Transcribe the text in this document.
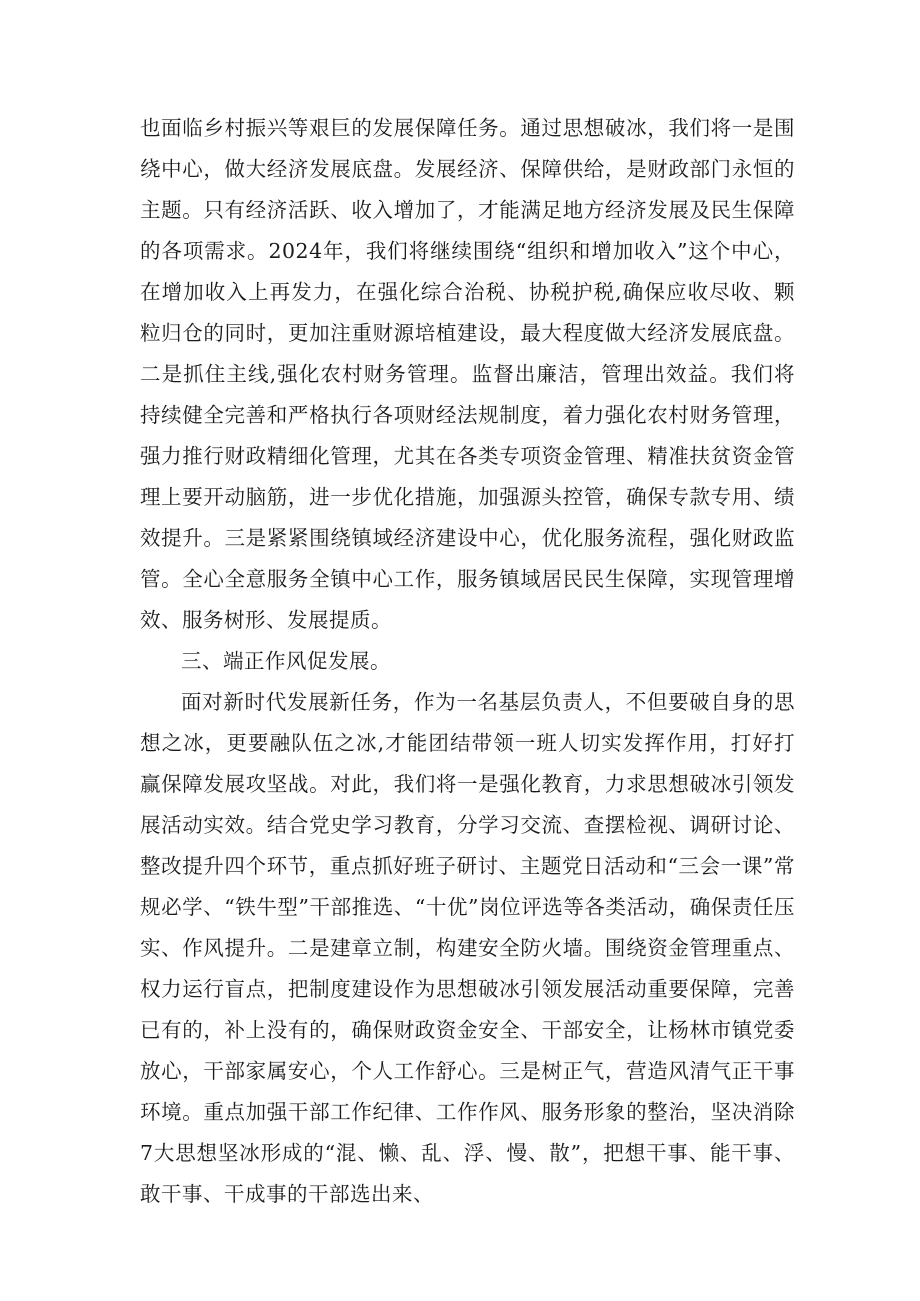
也面临乡村振兴等艰巨的发展保障任务。通过思想破冰，我们将一是围绕中心，做大经济发展底盘。发展经济、保障供给，是财政部门永恒的主题。只有经济活跃、收入增加了，才能满足地方经济发展及民生保障的各项需求。2024年，我们将继续围绕“组织和增加收入”这个中心，在增加收入上再发力，在强化综合治税、协税护税,确保应收尽收、颗粒归仓的同时，更加注重财源培植建设，最大程度做大经济发展底盘。二是抓住主线,强化农村财务管理。监督出廉洁，管理出效益。我们将持续健全完善和严格执行各项财经法规制度，着力强化农村财务管理，强力推行财政精细化管理，尤其在各类专项资金管理、精准扶贫资金管理上要开动脑筋，进一步优化措施，加强源头控管，确保专款专用、绩效提升。三是紧紧围绕镇域经济建设中心，优化服务流程，强化财政监管。全心全意服务全镇中心工作，服务镇域居民民生保障，实现管理增效、服务树形、发展提质。

三、端正作风促发展。

面对新时代发展新任务，作为一名基层负责人，不但要破自身的思想之冰，更要融队伍之冰,才能团结带领一班人切实发挥作用，打好打赢保障发展攻坚战。对此，我们将一是强化教育，力求思想破冰引领发展活动实效。结合党史学习教育，分学习交流、查摆检视、调研讨论、整改提升四个环节，重点抓好班子研讨、主题党日活动和“三会一课”常规必学、“铁牛型”干部推选、“十优”岗位评选等各类活动，确保责任压实、作风提升。二是建章立制，构建安全防火墙。围绕资金管理重点、权力运行盲点，把制度建设作为思想破冰引领发展活动重要保障，完善已有的，补上没有的，确保财政资金安全、干部安全，让杨林市镇党委放心，干部家属安心，个人工作舒心。三是树正气，营造风清气正干事环境。重点加强干部工作纪律、工作作风、服务形象的整治，坚决消除7大思想坚冰形成的“混、懒、乱、浮、慢、散”，把想干事、能干事、敢干事、干成事的干部选出来、
